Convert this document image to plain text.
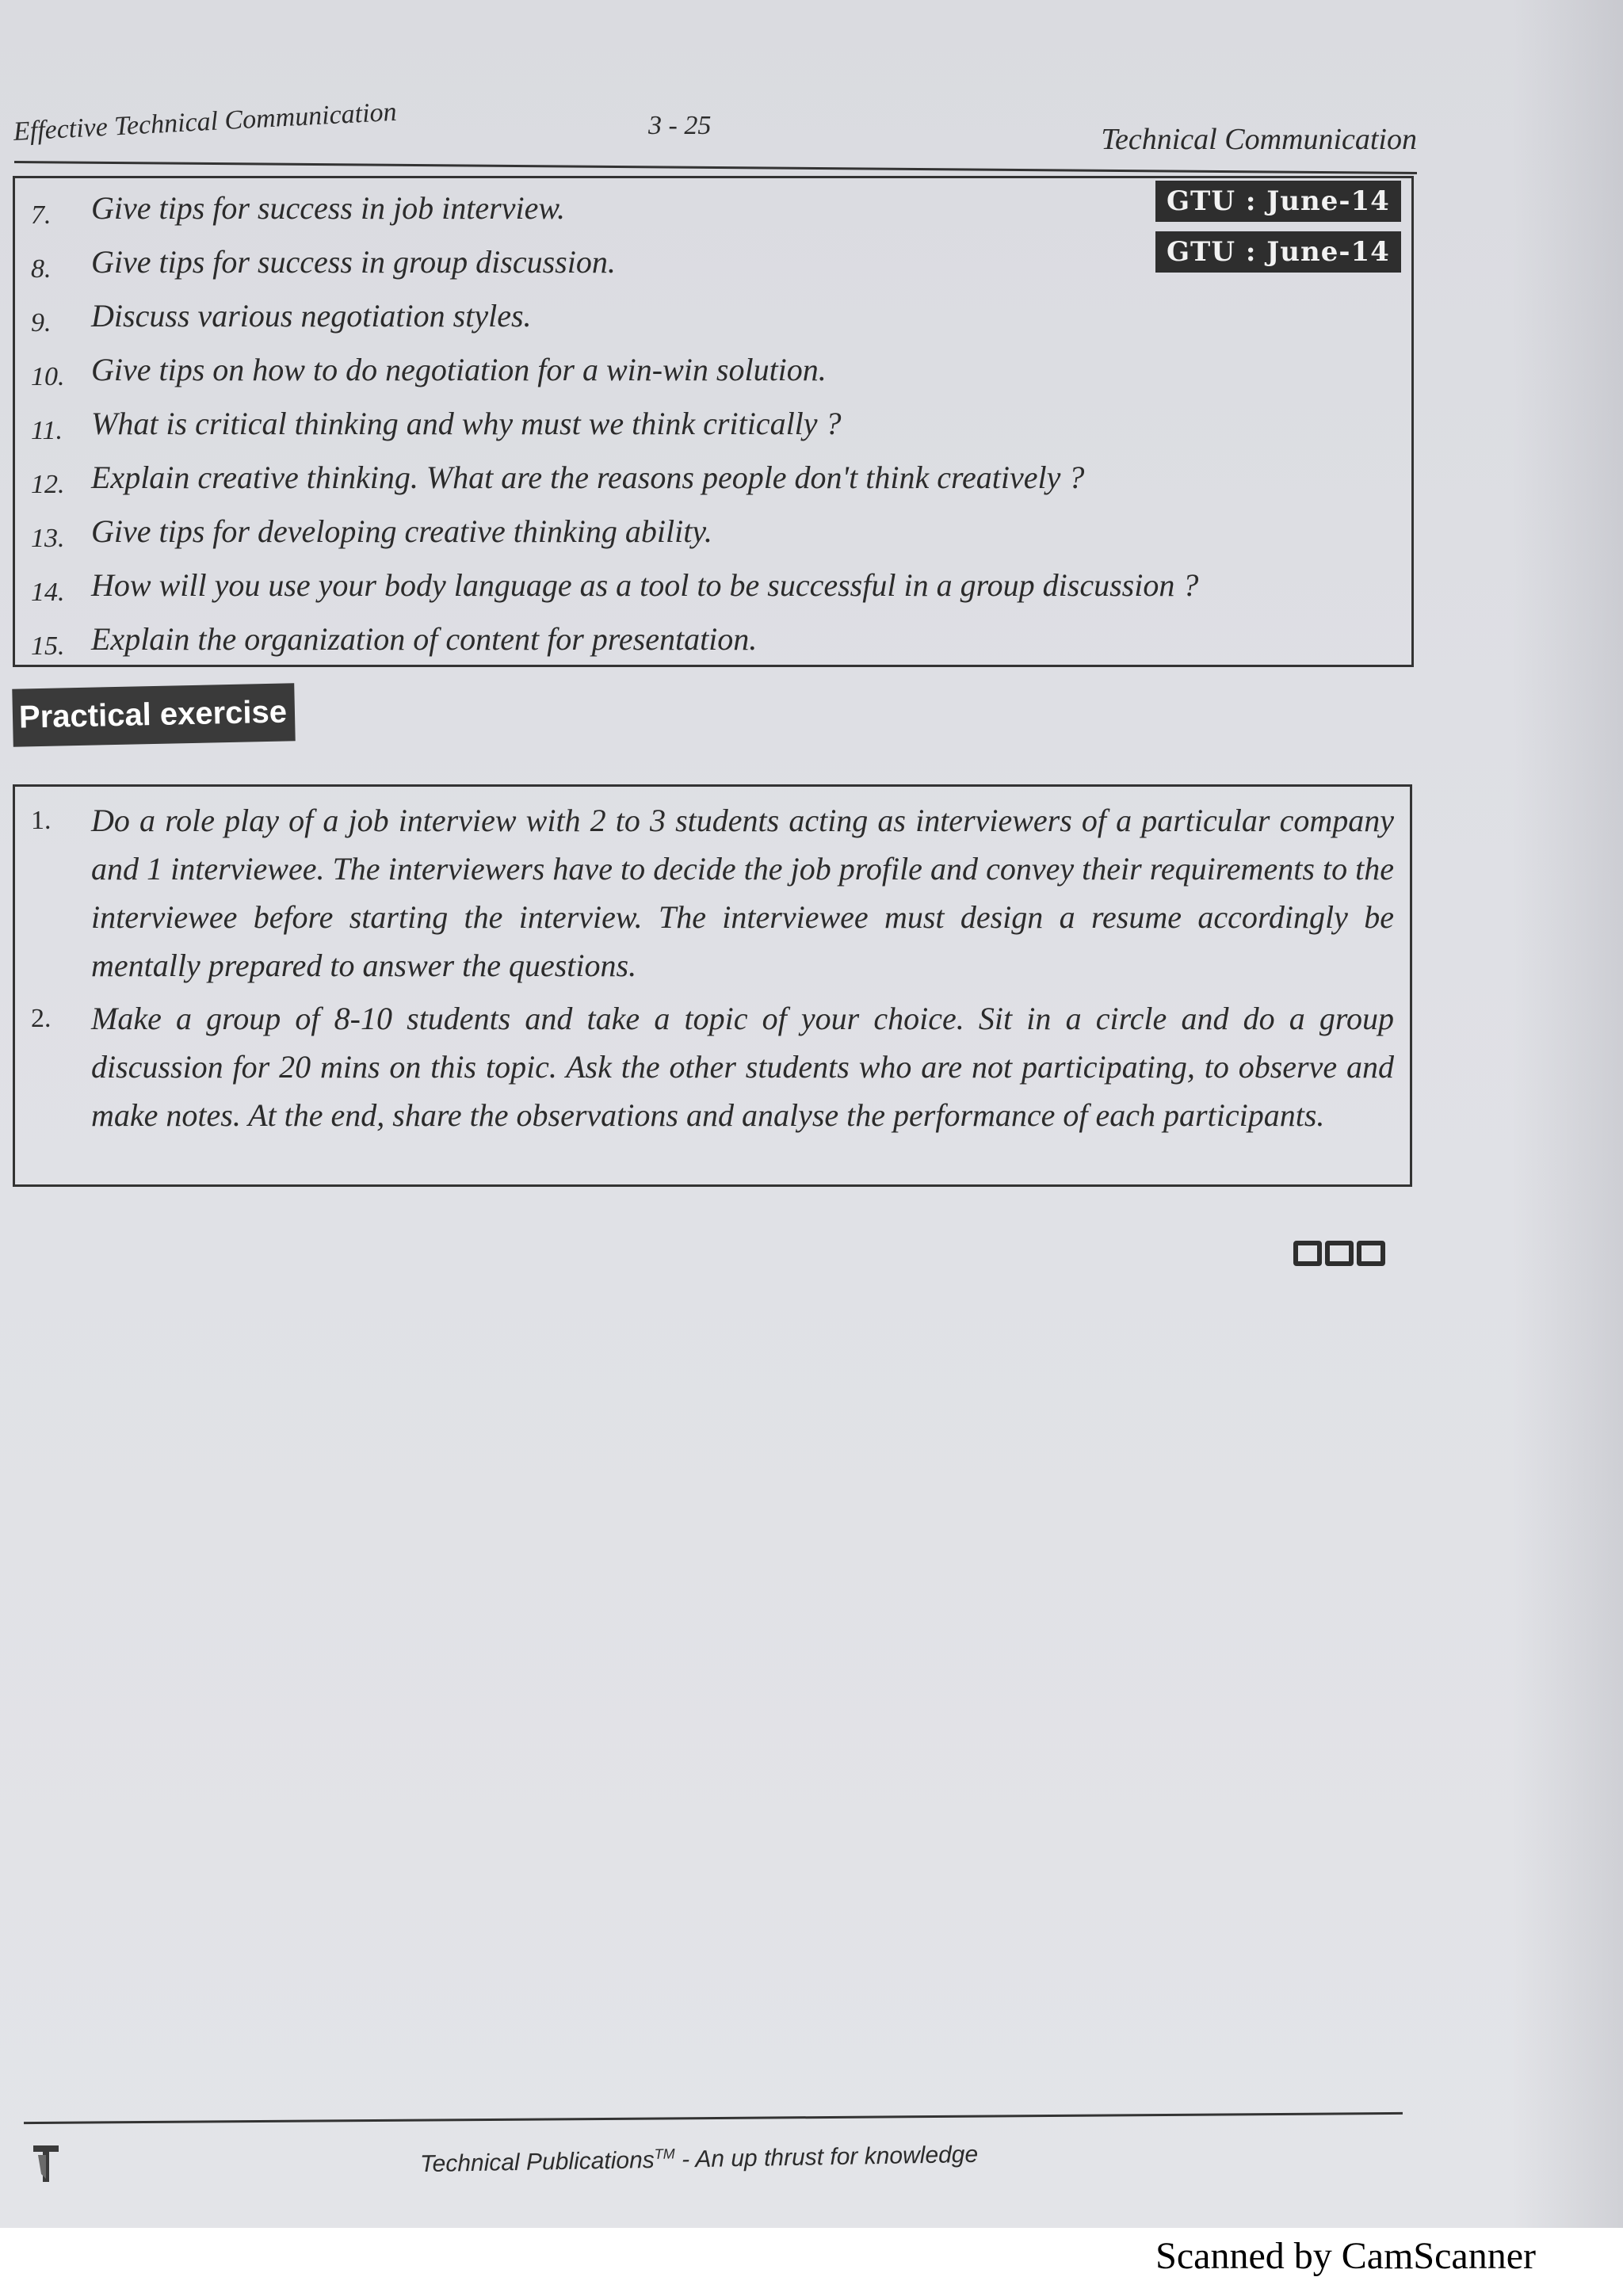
Effective Technical Communication	3 - 25	Technical Communication
7.	Give tips for success in job interview.
8.	Give tips for success in group discussion.
9.	Discuss various negotiation styles.
10. Give tips on how to do negotiation for a win-win solution.
11. What is critical thinking and why must we think critically ?
12. Explain creative thinking. What are the reasons people don't think creatively ?
13. Give tips for developing creative thinking ability.
14. How will you use your body language as a tool to be successful in a group discussion ?
15. Explain the organization of content for presentation.
GTU : June-14
GTU : June-14
Practical exercise
1. Do a role play of a job interview with 2 to 3 students acting as interviewers of a particular company and 1 interviewee. The interviewers have to decide the job profile and convey their requirements to the interviewee before starting the interview. The interviewee must design a resume accordingly be mentally prepared to answer the questions.
2. Make a group of 8-10 students and take a topic of your choice. Sit in a circle and do a group discussion for 20 mins on this topic. Ask the other students who are not participating, to observe and make notes. At the end, share the observations and analyse the performance of each participants.
Technical Publications™ - An up thrust for knowledge
Scanned by CamScanner
